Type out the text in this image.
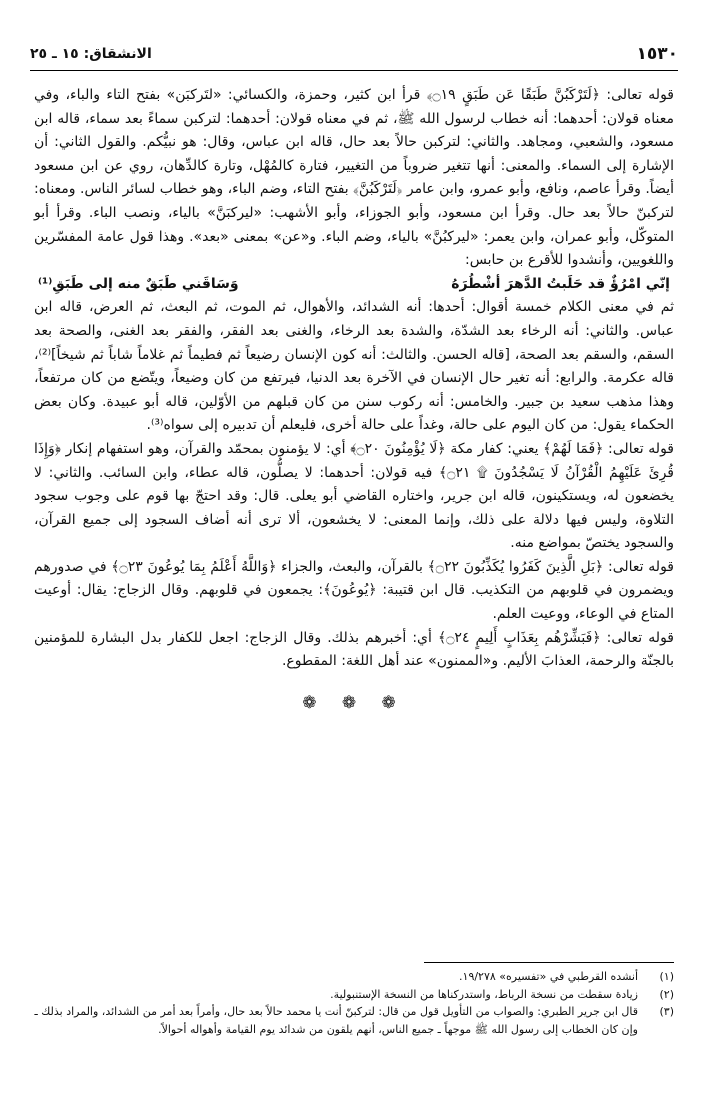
١٥٣٠
الانشقاق: ١٥ ـ ٢٥

قوله تعالى: ﴿لَتَرْكَبُنَّ طَبَقًا عَن طَبَقٍ ۝١٩﴾ قرأ ابن كثير، وحمزة، والكسائي: «لتَركبَن» بفتح التاء والباء، وفي معناه قولان: أحدهما: أنه خطاب لرسول الله ﷺ، ثم في معناه قولان: أحدهما: لتركبن سماءً بعد سماء، قاله ابن مسعود، والشعبي، ومجاهد. والثاني: لتركبن حالاً بعد حال، قاله ابن عباس، وقال: هو نبيُّكم. والقول الثاني: أن الإشارة إلى السماء. والمعنى: أنها تتغير ضروباً من التغيير، فتارة كالمُهْل، وتارة كالدِّهان، روي عن ابن مسعود أيضاً. وقرأ عاصم، ونافع، وأبو عمرو، وابن عامر ﴿لَتَرْكَبُنَّ﴾ بفتح التاء، وضم الباء، وهو خطاب لسائر الناس. ومعناه: لتركبنّ حالاً بعد حال. وقرأ ابن مسعود، وأبو الجوزاء، وأبو الأشهب: «ليركبَنَّ» بالياء، ونصب الباء. وقرأ أبو المتوكّل، وأبو عمران، وابن يعمر: «ليركبُنَّ» بالياء، وضم الباء. و«عن» بمعنى «بعد». وهذا قول عامة المفسّرين واللغويين، وأنشدوا للأقرع بن حابس:

إنّي امْرُؤٌ قد حَلَبتُ الدَّهرَ أشْطُرَهُ
وَسَاقَني طَبَقٌ منه إلى طَبَقِ⁽¹⁾

ثم في معنى الكلام خمسة أقوال: أحدها: أنه الشدائد، والأهوال، ثم الموت، ثم البعث، ثم العرض، قاله ابن عباس. والثاني: أنه الرخاء بعد الشدّة، والشدة بعد الرخاء، والغنى بعد الفقر، والفقر بعد الغنى، والصحة بعد السقم، والسقم بعد الصحة، [قاله الحسن. والثالث: أنه كون الإنسان رضيعاً ثم فطيماً ثم غلاماً شاباً ثم شيخاً]⁽²⁾، قاله عكرمة. والرابع: أنه تغير حال الإنسان في الآخرة بعد الدنيا، فيرتفع من كان وضيعاً، ويتّضع من كان مرتفعاً، وهذا مذهب سعيد بن جبير. والخامس: أنه ركوب سنن من كان قبلهم من الأوّلين، قاله أبو عبيدة. وكان بعض الحكماء يقول: من كان اليوم على حالة، وغداً على حالة أخرى، فليعلم أن تدبيره إلى سواه⁽³⁾.

قوله تعالى: ﴿فَمَا لَهُمْ﴾ يعني: كفار مكة ﴿لَا يُؤْمِنُونَ ۝٢٠﴾ أي: لا يؤمنون بمحمّد والقرآن، وهو استفهام إنكار ﴿وَإِذَا قُرِئَ عَلَيْهِمُ الْقُرْآنُ لَا يَسْجُدُونَ ۩ ۝٢١﴾ فيه قولان: أحدهما: لا يصلُّون، قاله عطاء، وابن السائب. والثاني: لا يخضعون له، ويستكينون، قاله ابن جرير، واختاره القاضي أبو يعلى. قال: وقد احتجّ بها قوم على وجوب سجود التلاوة، وليس فيها دلالة على ذلك، وإنما المعنى: لا يخشعون، ألا ترى أنه أضاف السجود إلى جميع القرآن، والسجود يختصّ بمواضع منه.

قوله تعالى: ﴿بَلِ الَّذِينَ كَفَرُوا يُكَذِّبُونَ ۝٢٢﴾ بالقرآن، والبعث، والجزاء ﴿وَاللَّهُ أَعْلَمُ بِمَا يُوعُونَ ۝٢٣﴾ في صدورهم ويضمرون في قلوبهم من التكذيب. قال ابن قتيبة: ﴿يُوعُونَ﴾: يجمعون في قلوبهم. وقال الزجاج: يقال: أوعيت المتاع في الوعاء، ووعيت العلم.

قوله تعالى: ﴿فَبَشِّرْهُم بِعَذَابٍ أَلِيمٍ ۝٢٤﴾ أي: أخبرهم بذلك. وقال الزجاج: اجعل للكفار بدل البشارة للمؤمنين بالجنّة والرحمة، العذابَ الأليم. و«الممنون» عند أهل اللغة: المقطوع.

❁ ❁ ❁
(١)
أنشده القرطبي في «تفسيره» ١٩/٢٧٨.
(٢)
زيادة سقطت من نسخة الرباط، واستدركناها من النسخة الإستنبولية.
(٣)
قال ابن جرير الطبري: والصواب من التأويل قول من قال: لتركبنّ أنت يا محمد حالاً بعد حال، وأمراً بعد أمر من الشدائد، والمراد بذلك ـ وإن كان الخطاب إلى رسول الله ﷺ موجهاً ـ جميع الناس، أنهم يلقون من شدائد يوم القيامة وأهواله أحوالاً.
